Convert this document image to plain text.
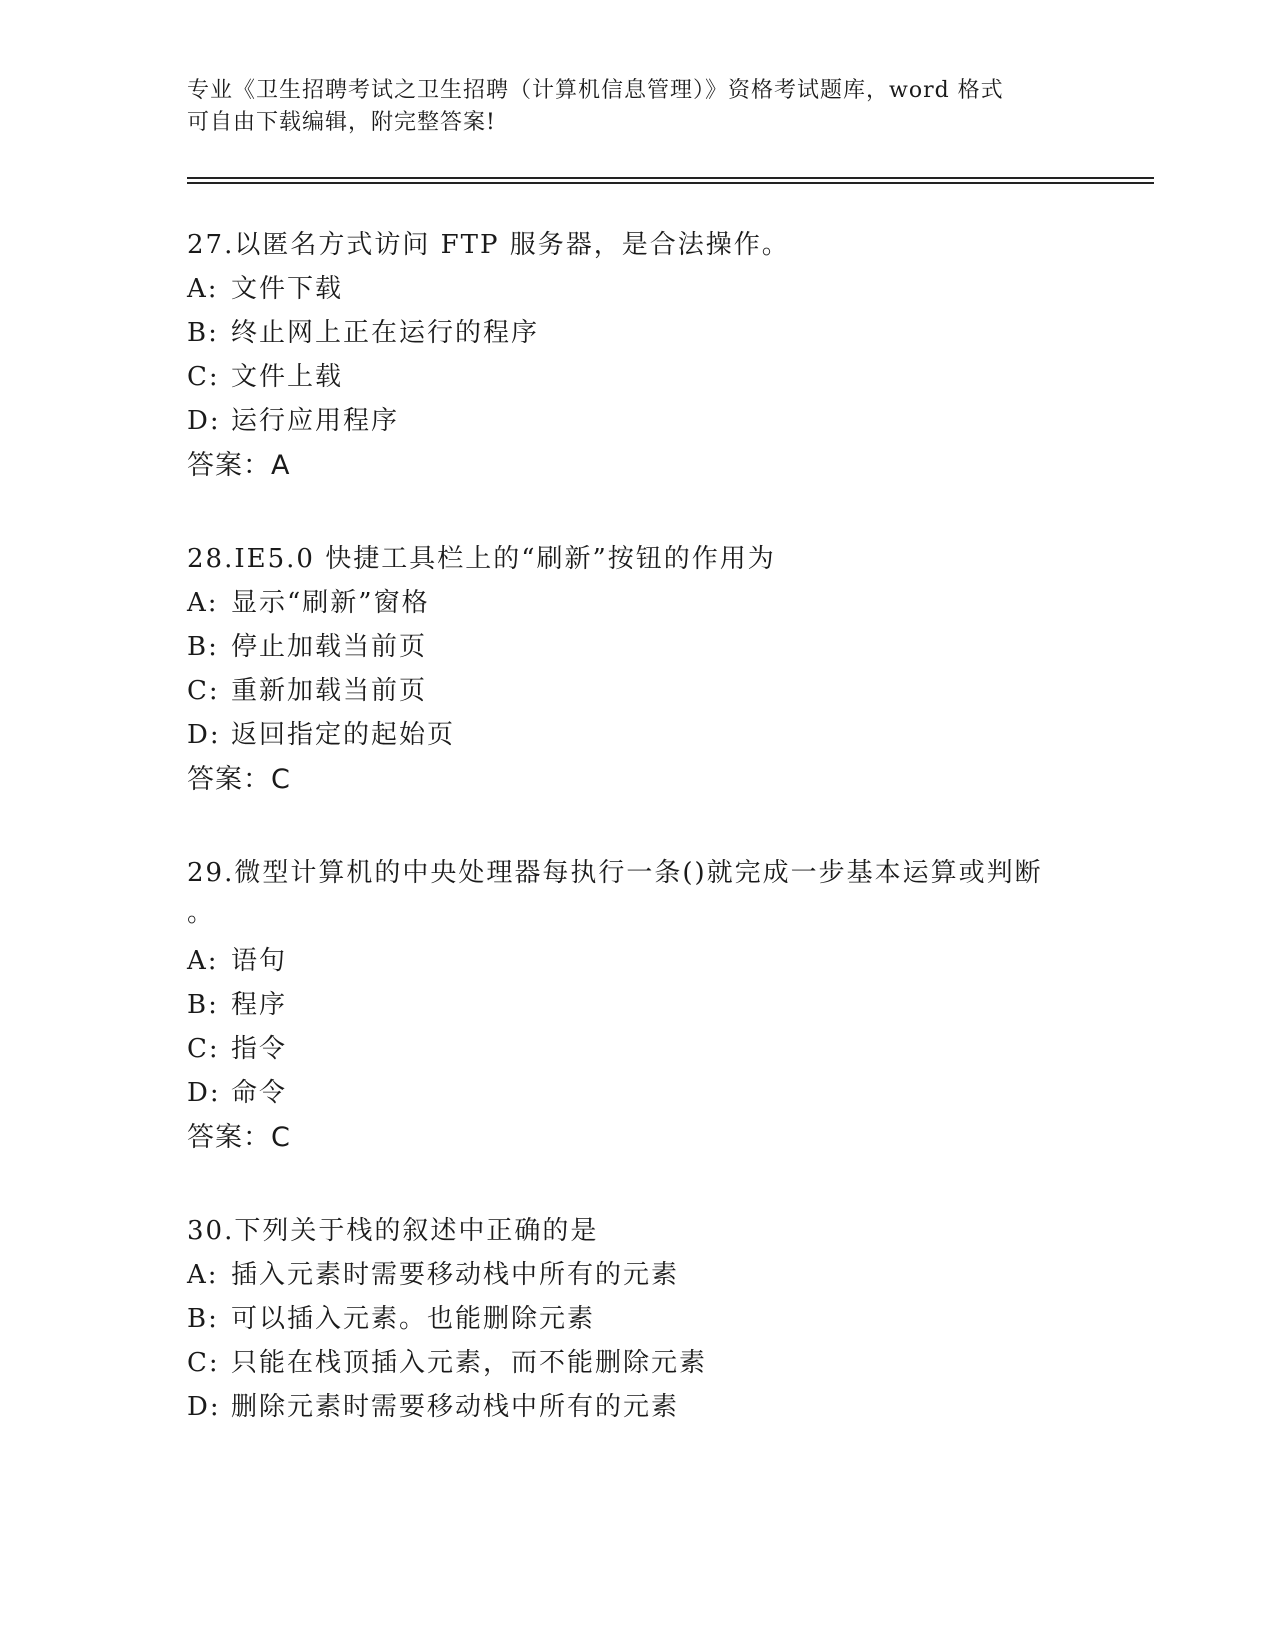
专业《卫生招聘考试之卫生招聘（计算机信息管理）》资格考试题库，word 格式
可自由下载编辑，附完整答案!
27.以匿名方式访问 FTP 服务器，是合法操作。
A: 文件下载
B: 终止网上正在运行的程序
C: 文件上载
D: 运行应用程序
答案：A
28.IE5.0 快捷工具栏上的“刷新”按钮的作用为
A: 显示“刷新”窗格
B: 停止加载当前页
C: 重新加载当前页
D: 返回指定的起始页
答案：C
29.微型计算机的中央处理器每执行一条()就完成一步基本运算或判断
。
A: 语句
B: 程序
C: 指令
D: 命令
答案：C
30.下列关于栈的叙述中正确的是
A: 插入元素时需要移动栈中所有的元素
B: 可以插入元素。也能删除元素
C: 只能在栈顶插入元素，而不能删除元素
D: 删除元素时需要移动栈中所有的元素
